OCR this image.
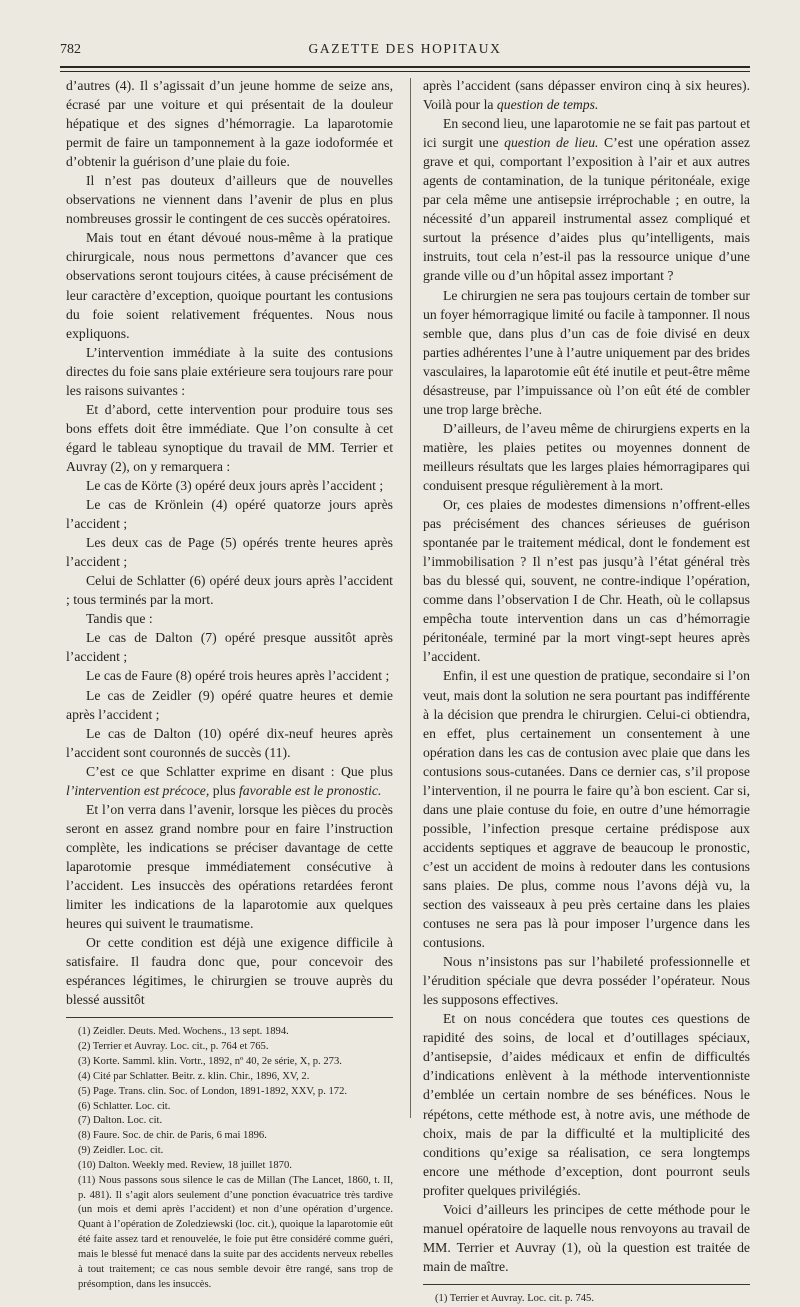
782	GAZETTE DES HOPITAUX

d’autres (4). Il s’agissait d’un jeune homme de seize ans, écrasé par une voiture et qui présentait de la douleur hépatique et des signes d’hémorragie. La laparotomie permit de faire un tamponnement à la gaze iodoformée et d’obtenir la guérison d’une plaie du foie.

Il n’est pas douteux d’ailleurs que de nouvelles observations ne viennent dans l’avenir de plus en plus nombreuses grossir le contingent de ces succès opératoires.

Mais tout en étant dévoué nous-même à la pratique chirurgicale, nous nous permettons d’avancer que ces observations seront toujours citées, à cause précisément de leur caractère d’exception, quoique pourtant les contusions du foie soient relativement fréquentes. Nous nous expliquons.

L’intervention immédiate à la suite des contusions directes du foie sans plaie extérieure sera toujours rare pour les raisons suivantes :

Et d’abord, cette intervention pour produire tous ses bons effets doit être immédiate. Que l’on consulte à cet égard le tableau synoptique du travail de MM. Terrier et Auvray (2), on y remarquera :

Le cas de Körte (3) opéré deux jours après l’accident ;

Le cas de Krönlein (4) opéré quatorze jours après l’accident ;

Les deux cas de Page (5) opérés trente heures après l’accident ;

Celui de Schlatter (6) opéré deux jours après l’accident ; tous terminés par la mort.

Tandis que :

Le cas de Dalton (7) opéré presque aussitôt après l’accident ;

Le cas de Faure (8) opéré trois heures après l’accident ;

Le cas de Zeidler (9) opéré quatre heures et demie après l’accident ;

Le cas de Dalton (10) opéré dix-neuf heures après l’accident sont couronnés de succès (11).

C’est ce que Schlatter exprime en disant : Que plus l’intervention est précoce, plus favorable est le pronostic.

Et l’on verra dans l’avenir, lorsque les pièces du procès seront en assez grand nombre pour en faire l’instruction complète, les indications se préciser davantage de cette laparotomie presque immédiatement consécutive à l’accident. Les insuccès des opérations retardées feront limiter les indications de la laparotomie aux quelques heures qui suivent le traumatisme.

Or cette condition est déjà une exigence difficile à satisfaire. Il faudra donc que, pour concevoir des espérances légitimes, le chirurgien se trouve auprès du blessé aussitôt

(1) Zeidler. Deuts. Med. Wochens., 13 sept. 1894.

(2) Terrier et Auvray. Loc. cit., p. 764 et 765.

(3) Korte. Samml. klin. Vortr., 1892, nº 40, 2e série, X, p. 273.

(4) Cité par Schlatter. Beitr. z. klin. Chir., 1896, XV, 2.

(5) Page. Trans. clin. Soc. of London, 1891-1892, XXV, p. 172.

(6) Schlatter. Loc. cit.

(7) Dalton. Loc. cit.

(8) Faure. Soc. de chir. de Paris, 6 mai 1896.

(9) Zeidler. Loc. cit.

(10) Dalton. Weekly med. Review, 18 juillet 1870.

(11) Nous passons sous silence le cas de Millan (The Lancet, 1860, t. II, p. 481). Il s’agit alors seulement d’une ponction évacuatrice très tardive (un mois et demi après l’accident) et non d’une opération d’urgence. Quant à l’opération de Zoledziewski (loc. cit.), quoique la laparotomie eût été faite assez tard et renouvelée, le foie put être considéré comme guéri, mais le blessé fut menacé dans la suite par des accidents nerveux rebelles à tout traitement; ce cas nous semble devoir être rangé, sans trop de présomption, dans les insuccès.

après l’accident (sans dépasser environ cinq à six heures). Voilà pour la question de temps.

En second lieu, une laparotomie ne se fait pas partout et ici surgit une question de lieu. C’est une opération assez grave et qui, comportant l’exposition à l’air et aux autres agents de contamination, de la tunique péritonéale, exige par cela même une antisepsie irréprochable ; en outre, la nécessité d’un appareil instrumental assez compliqué et surtout la présence d’aides plus qu’intelligents, mais instruits, tout cela n’est-il pas la ressource unique d’une grande ville ou d’un hôpital assez important ?

Le chirurgien ne sera pas toujours certain de tomber sur un foyer hémorragique limité ou facile à tamponner. Il nous semble que, dans plus d’un cas de foie divisé en deux parties adhérentes l’une à l’autre uniquement par des brides vasculaires, la laparotomie eût été inutile et peut-être même désastreuse, par l’impuissance où l’on eût été de combler une trop large brèche.

D’ailleurs, de l’aveu même de chirurgiens experts en la matière, les plaies petites ou moyennes donnent de meilleurs résultats que les larges plaies hémorragipares qui conduisent presque régulièrement à la mort.

Or, ces plaies de modestes dimensions n’offrent-elles pas précisément des chances sérieuses de guérison spontanée par le traitement médical, dont le fondement est l’immobilisation ? Il n’est pas jusqu’à l’état général très bas du blessé qui, souvent, ne contre-indique l’opération, comme dans l’observation I de Chr. Heath, où le collapsus empêcha toute intervention dans un cas d’hémorragie péritonéale, terminé par la mort vingt-sept heures après l’accident.

Enfin, il est une question de pratique, secondaire si l’on veut, mais dont la solution ne sera pourtant pas indifférente à la décision que prendra le chirurgien. Celui-ci obtiendra, en effet, plus certainement un consentement à une opération dans les cas de contusion avec plaie que dans les contusions sous-cutanées. Dans ce dernier cas, s’il propose l’intervention, il ne pourra le faire qu’à bon escient. Car si, dans une plaie contuse du foie, en outre d’une hémorragie possible, l’infection presque certaine prédispose aux accidents septiques et aggrave de beaucoup le pronostic, c’est un accident de moins à redouter dans les contusions sans plaies. De plus, comme nous l’avons déjà vu, la section des vaisseaux à peu près certaine dans les plaies contuses ne sera pas là pour imposer l’urgence dans les contusions.

Nous n’insistons pas sur l’habileté professionnelle et l’érudition spéciale que devra posséder l’opérateur. Nous les supposons effectives.

Et on nous concédera que toutes ces questions de rapidité des soins, de local et d’outillages spéciaux, d’antisepsie, d’aides médicaux et enfin de difficultés d’indications enlèvent à la méthode interventionniste d’emblée un certain nombre de ses bénéfices. Nous le répétons, cette méthode est, à notre avis, une méthode de choix, mais de par la difficulté et la multiplicité des conditions qu’exige sa réalisation, ce sera longtemps encore une méthode d’exception, dont pourront seuls profiter quelques privilégiés.

Voici d’ailleurs les principes de cette méthode pour le manuel opératoire de laquelle nous renvoyons au travail de MM. Terrier et Auvray (1), où la question est traitée de main de maître.

(1) Terrier et Auvray. Loc. cit. p. 745.
